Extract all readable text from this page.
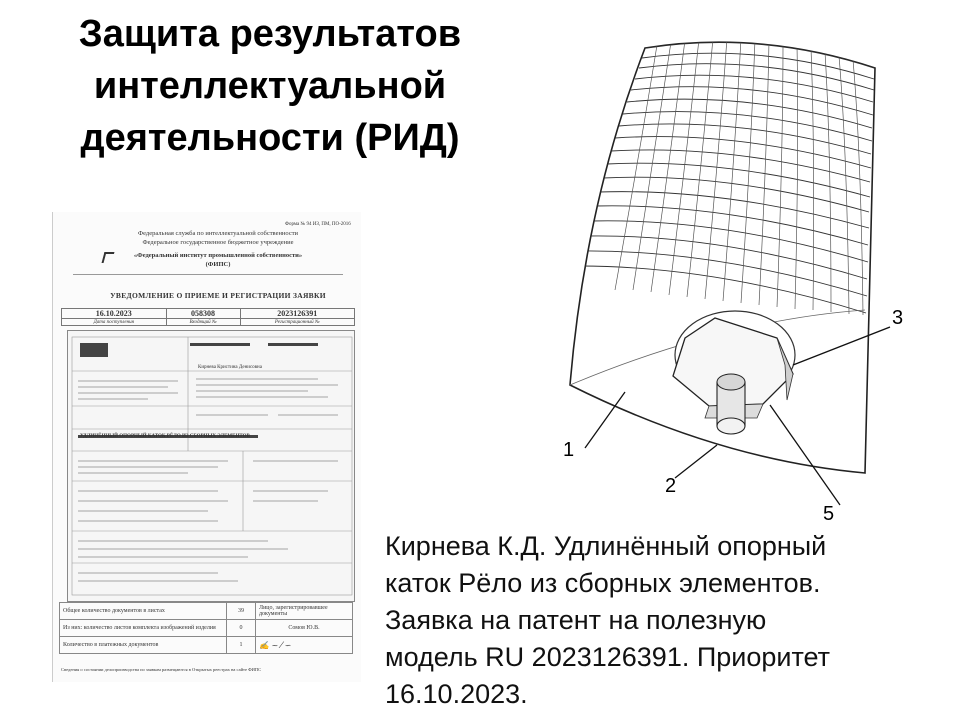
Защита результатов
интеллектуальной
деятельности (РИД)
Форма № 94 ИЗ, ПМ, ПО-2016
Федеральная служба по интеллектуальной собственности
Федеральное государственное бюджетное учреждение
«Федеральный институт промышленной собственности»
(ФИПС)
УВЕДОМЛЕНИЕ О ПРИЕМЕ И РЕГИСТРАЦИИ ЗАЯВКИ
16.10.2023	058308	2023126391
Дата поступления	Входящий №	Регистрационный №
УДЛИНЁННЫЙ ОПОРНЫЙ КАТОК РЁЛО ИЗ СБОРНЫХ ЭЛЕМЕНТОВ
Кирнева Кристина Денисовна
Общее количество документов в листах	39	Лицо, зарегистрировавшее документы
Из них: количество листов комплекта изображений изделия	0	Сомов Ю.В.
Количество в платежных документов	1	✍ ~ ⁄ ∽
Сведения о состоянии делопроизводства по заявкам размещаются в Открытых реестрах на сайте ФИПС
1
2
3
5
Кирнева К.Д. Удлинённый опорный
каток Рёло из сборных элементов.
Заявка на патент на полезную
модель RU 2023126391. Приоритет
16.10.2023.
